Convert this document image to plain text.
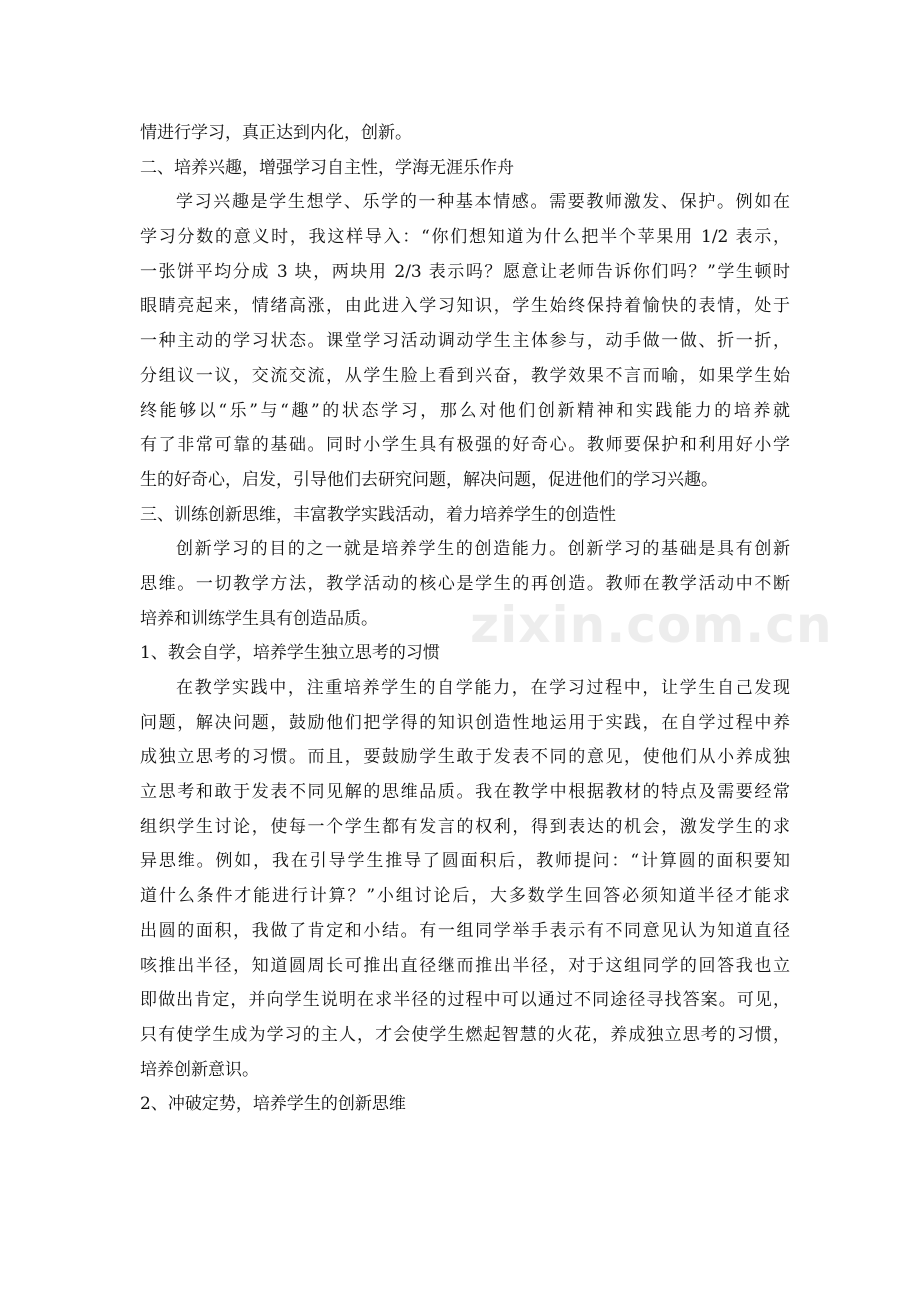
情进行学习，真正达到内化，创新。
二、培养兴趣，增强学习自主性，学海无涯乐作舟
学习兴趣是学生想学、乐学的一种基本情感。需要教师激发、保护。例如在
学习分数的意义时，我这样导入：“你们想知道为什么把半个苹果用 1/2 表示，
一张饼平均分成 3 块，两块用 2/3 表示吗？愿意让老师告诉你们吗？”学生顿时
眼睛亮起来，情绪高涨，由此进入学习知识，学生始终保持着愉快的表情，处于
一种主动的学习状态。课堂学习活动调动学生主体参与，动手做一做、折一折，
分组议一议，交流交流，从学生脸上看到兴奋，教学效果不言而喻，如果学生始
终能够以“乐”与“趣”的状态学习，那么对他们创新精神和实践能力的培养就
有了非常可靠的基础。同时小学生具有极强的好奇心。教师要保护和利用好小学
生的好奇心，启发，引导他们去研究问题，解决问题，促进他们的学习兴趣。
三、训练创新思维，丰富教学实践活动，着力培养学生的创造性
创新学习的目的之一就是培养学生的创造能力。创新学习的基础是具有创新
思维。一切教学方法，教学活动的核心是学生的再创造。教师在教学活动中不断
培养和训练学生具有创造品质。
1、教会自学，培养学生独立思考的习惯
在教学实践中，注重培养学生的自学能力，在学习过程中，让学生自己发现
问题，解决问题，鼓励他们把学得的知识创造性地运用于实践，在自学过程中养
成独立思考的习惯。而且，要鼓励学生敢于发表不同的意见，使他们从小养成独
立思考和敢于发表不同见解的思维品质。我在教学中根据教材的特点及需要经常
组织学生讨论，使每一个学生都有发言的权利，得到表达的机会，激发学生的求
异思维。例如，我在引导学生推导了圆面积后，教师提问：“计算圆的面积要知
道什么条件才能进行计算？”小组讨论后，大多数学生回答必须知道半径才能求
出圆的面积，我做了肯定和小结。有一组同学举手表示有不同意见认为知道直径
咳推出半径，知道圆周长可推出直径继而推出半径，对于这组同学的回答我也立
即做出肯定，并向学生说明在求半径的过程中可以通过不同途径寻找答案。可见，
只有使学生成为学习的主人，才会使学生燃起智慧的火花，养成独立思考的习惯，
培养创新意识。
2、冲破定势，培养学生的创新思维
zixin.com.cn
